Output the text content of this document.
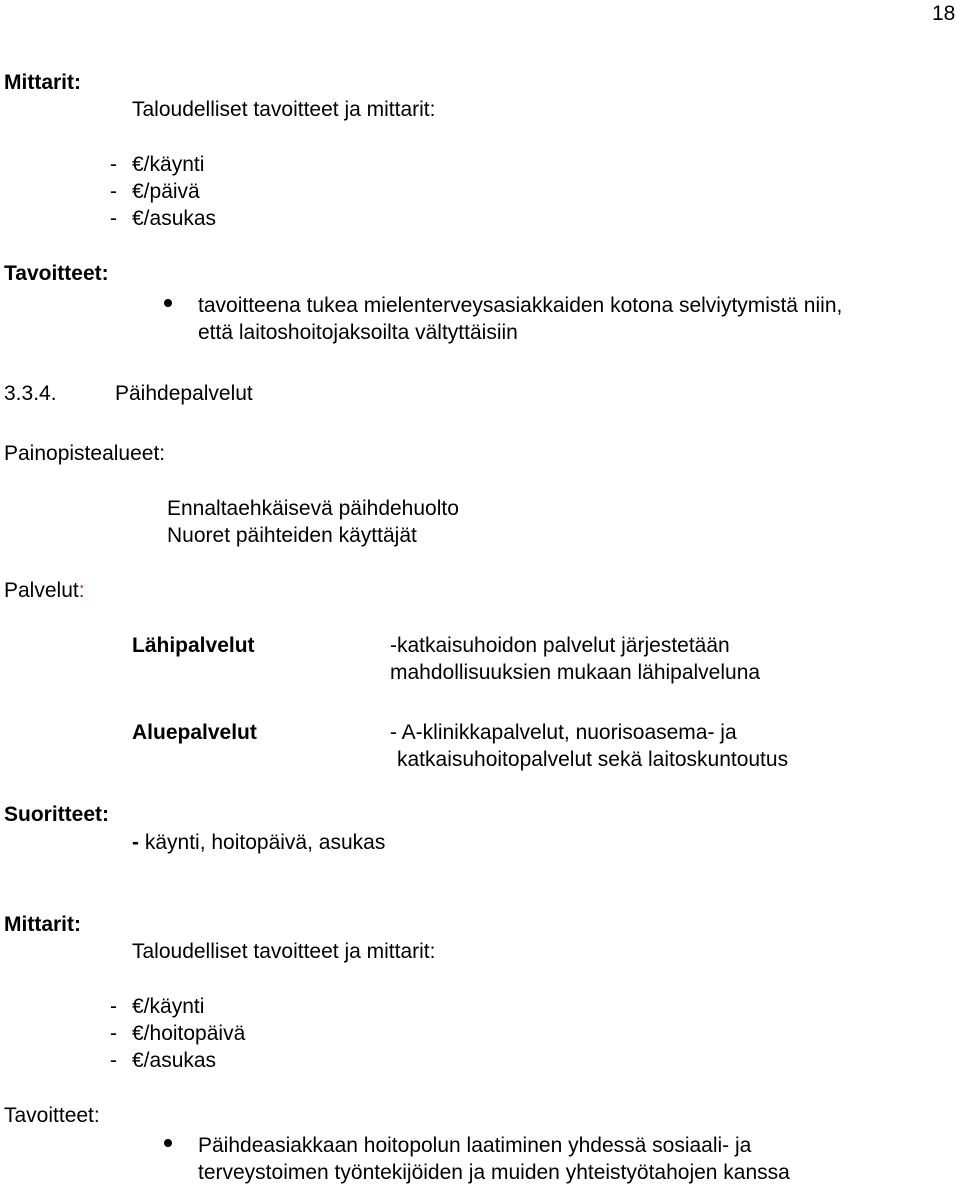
18
Mittarit:
Taloudelliset tavoitteet ja mittarit:
- €/käynti
- €/päivä
- €/asukas
Tavoitteet:
tavoitteena tukea mielenterveysasiakkaiden kotona selviytymistä niin,
että laitoshoitojaksoilta vältyttäisiin
3.3.4.	Päihdepalvelut
Painopistealueet:
Ennaltaehkäisevä päihdehuolto
Nuoret päihteiden käyttäjät
Palvelut:
Lähipalvelut	-katkaisuhoidon palvelut järjestetään
mahdollisuuksien mukaan lähipalveluna
Aluepalvelut	- A-klinikkapalvelut, nuorisoasema- ja
katkaisuhoitopalvelut sekä laitoskuntoutus
Suoritteet:
- käynti, hoitopäivä, asukas
Mittarit:
Taloudelliset tavoitteet ja mittarit:
- €/käynti
- €/hoitopäivä
- €/asukas
Tavoitteet:
Päihdeasiakkaan hoitopolun laatiminen yhdessä sosiaali- ja
terveystoimen työntekijöiden ja muiden yhteistyötahojen kanssa
